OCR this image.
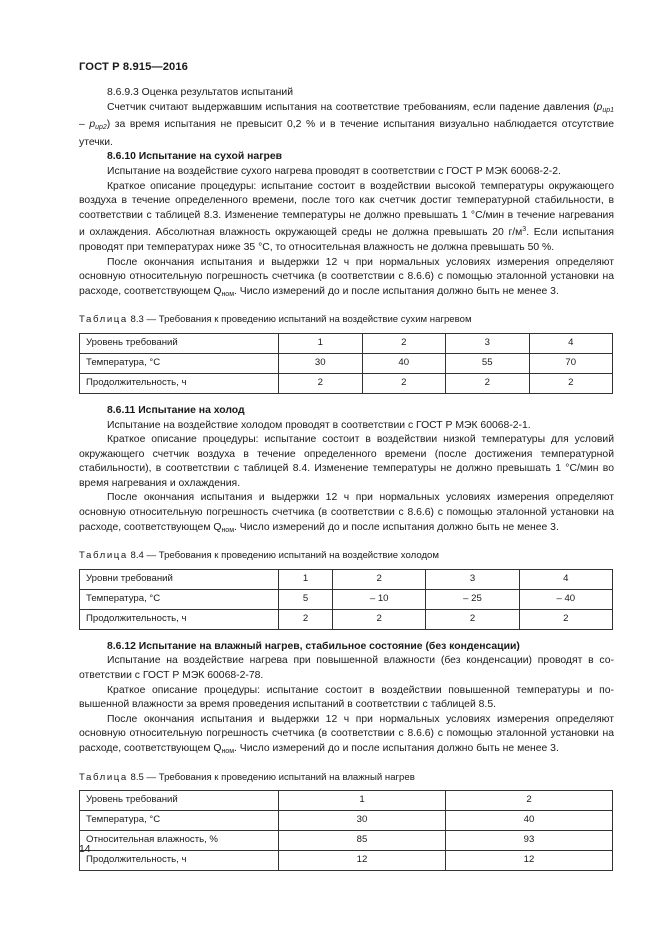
ГОСТ Р 8.915—2016

8.6.9.3 Оценка результатов испытаний

Счетчик считают выдержавшим испытания на соответствие требованиям, если падение давления $(p_{ир1} - p_{ир2})$ за время испытания не превысит 0,2 % и в течение испытания визуально наблюдается отсутствие утечки.

8.6.10 Испытание на сухой нагрев

Испытание на воздействие сухого нагрева проводят в соответствии с ГОСТ Р МЭК 60068-2-2.

Краткое описание процедуры: испытание состоит в воздействии высокой температуры окружающего воздуха в течение определенного времени, после того как счетчик достиг температурной стабильности, в соответствии с таблицей 8.3. Изменение температуры не должно превышать 1 °С/мин в течение нагревания и охлаждения. Абсолютная влажность окружающей среды не должна превышать 20 $г/м^3$. Если испытания проводят при температурах ниже 35 °С, то относительная влажность не должна превышать 50 %.

После окончания испытания и выдержки 12 ч при нормальных условиях измерения определяют основную относительную погрешность счетчика (в соответствии с 8.6.6) с помощью эталонной установки на расходе, соответствующем Qном. Число измерений до и после испытания должно быть не менее 3.

Таблица 8.3 — Требования к проведению испытаний на воздействие сухим нагревом
Уровень требований	1	2	3	4
Температура, °С	30	40	55	70
Продолжительность, ч	2	2	2	2

8.6.11 Испытание на холод

Испытание на воздействие холодом проводят в соответствии с ГОСТ Р МЭК 60068-2-1.

Краткое описание процедуры: испытание состоит в воздействии низкой температуры для условий окружающего счетчик воздуха в течение определенного времени (после достижения температурной стабильности), в соответствии с таблицей 8.4. Изменение температуры не должно превышать 1 °С/мин во время нагревания и охлаждения.

После окончания испытания и выдержки 12 ч при нормальных условиях измерения определяют основную относительную погрешность счетчика (в соответствии с 8.6.6) с помощью эталонной установки на расходе, соответствующем Qном. Число измерений до и после испытания должно быть не менее 3.

Таблица 8.4 — Требования к проведению испытаний на воздействие холодом
Уровни требований	1	2	3	4
Температура, °С	5	– 10	– 25	– 40
Продолжительность, ч	2	2	2	2

8.6.12 Испытание на влажный нагрев, стабильное состояние (без конденсации)

Испытание на воздействие нагрева при повышенной влажности (без конденсации) проводят в соответствии с ГОСТ Р МЭК 60068-2-78.

Краткое описание процедуры: испытание состоит в воздействии повышенной температуры и повышенной влажности за время проведения испытаний в соответствии с таблицей 8.5.

После окончания испытания и выдержки 12 ч при нормальных условиях измерения определяют основную относительную погрешность счетчика (в соответствии с 8.6.6) с помощью эталонной установки на расходе, соответствующем Qном. Число измерений до и после испытания должно быть не менее 3.

Таблица 8.5 — Требования к проведению испытаний на влажный нагрев
Уровень требований	1	2
Температура, °С	30	40
Относительная влажность, %	85	93
Продолжительность, ч	12	12
14
